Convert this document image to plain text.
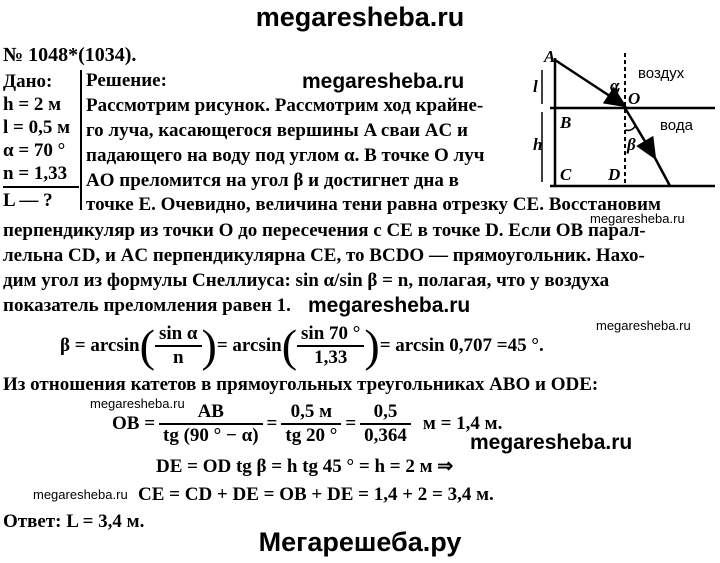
megaresheba.ru
№ 1048*(1034).
Дано:
h = 2 м
l = 0,5 м
α = 70 °
n = 1,33
L — ?
Решение:	megaresheba.ru
Рассмотрим рисунок. Рассмотрим ход крайне-
го луча, касающегося вершины A сваи AC и
падающего на воду под углом α. В точке O луч
AO преломится на угол β и достигнет дна в
точке E. Очевидно, величина тени равна отрезку CE. Восстановим
megaresheba.ru
перпендикуляр из точки O до пересечения с CE в точке D. Если OB парал-
лельна CD, и AC перпендикулярна CE, то BCDO — прямоугольник. Нахо-
дим угол из формулы Снеллиуса: sin α/sin β = n, полагая, что у воздуха
показатель преломления равен 1. megaresheba.ru
megaresheba.ru
β = arcsin ( $\frac{\text{sin α}}{n}$ ) = arcsin ( $\frac{\sin 70 ^\circ}{1,33}$ ) = arcsin 0,707 =45 °.
Из отношения катетов в прямоугольных треугольниках ABO и ODE:
megaresheba.ru
OB = $\frac{AB}{tg (90 ^\circ - \alpha)} = \frac{0,5 м}{tg 20 ^\circ} = \frac{0,5}{0,364}$ м = 1,4 м.
megaresheba.ru
DE = OD tg β = h tg 45 ° = h = 2 м ⇒
megaresheba.ru CE = CD + DE = OB + DE = 1,4 + 2 = 3,4 м.
Ответ: L = 3,4 м.
Мегарешеба.ру
A
l
h
B
C D
O
α
β
воздух
вода
